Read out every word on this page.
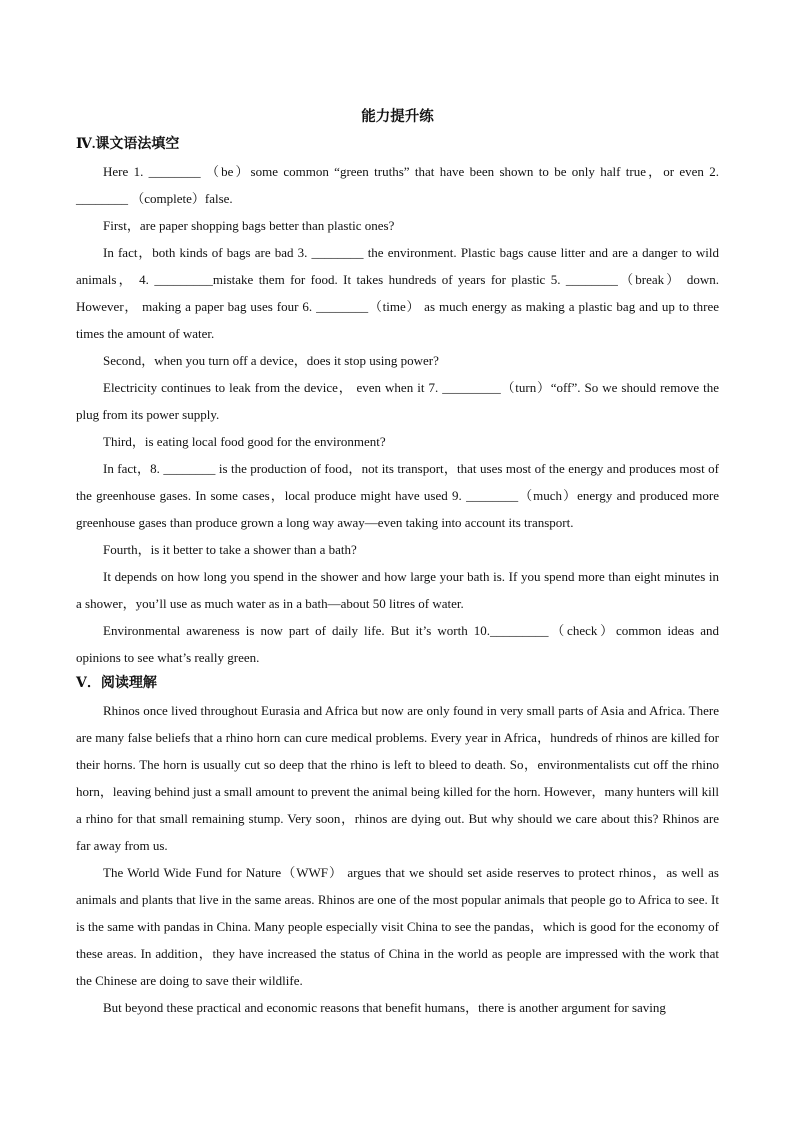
能力提升练
Ⅳ.课文语法填空

Here 1. ________ （be）some common “green truths” that have been shown to be only half true，or even 2. ________ （complete）false.

First，are paper shopping bags better than plastic ones?

In fact，both kinds of bags are bad 3. ________ the environment. Plastic bags cause litter and are a danger to wild animals， 4. _________mistake them for food. It takes hundreds of years for plastic 5. ________（break） down. However， making a paper bag uses four 6. ________（time） as much energy as making a plastic bag and up to three times the amount of water.

Second，when you turn off a device，does it stop using power?

Electricity continues to leak from the device， even when it 7. _________（turn）“off”. So we should remove the plug from its power supply.

Third，is eating local food good for the environment?

In fact，8. ________ is the production of food，not its transport，that uses most of the energy and produces most of the greenhouse gases. In some cases，local produce might have used 9. ________（much）energy and produced more greenhouse gases than produce grown a long way away—even taking into account its transport.

Fourth，is it better to take a shower than a bath?

It depends on how long you spend in the shower and how large your bath is. If you spend more than eight minutes in a shower，you’ll use as much water as in a bath—about 50 litres of water.

Environmental awareness is now part of daily life. But it’s worth 10._________（check）common ideas and opinions to see what’s really green.

Ⅴ．阅读理解

Rhinos once lived throughout Eurasia and Africa but now are only found in very small parts of Asia and Africa. There are many false beliefs that a rhino horn can cure medical problems. Every year in Africa，hundreds of rhinos are killed for their horns. The horn is usually cut so deep that the rhino is left to bleed to death. So，environmentalists cut off the rhino horn，leaving behind just a small amount to prevent the animal being killed for the horn. However，many hunters will kill a rhino for that small remaining stump. Very soon，rhinos are dying out. But why should we care about this? Rhinos are far away from us.

The World Wide Fund for Nature（WWF） argues that we should set aside reserves to protect rhinos，as well as animals and plants that live in the same areas. Rhinos are one of the most popular animals that people go to Africa to see. It is the same with pandas in China. Many people especially visit China to see the pandas，which is good for the economy of these areas. In addition，they have increased the status of China in the world as people are impressed with the work that the Chinese are doing to save their wildlife.

But beyond these practical and economic reasons that benefit humans，there is another argument for saving
